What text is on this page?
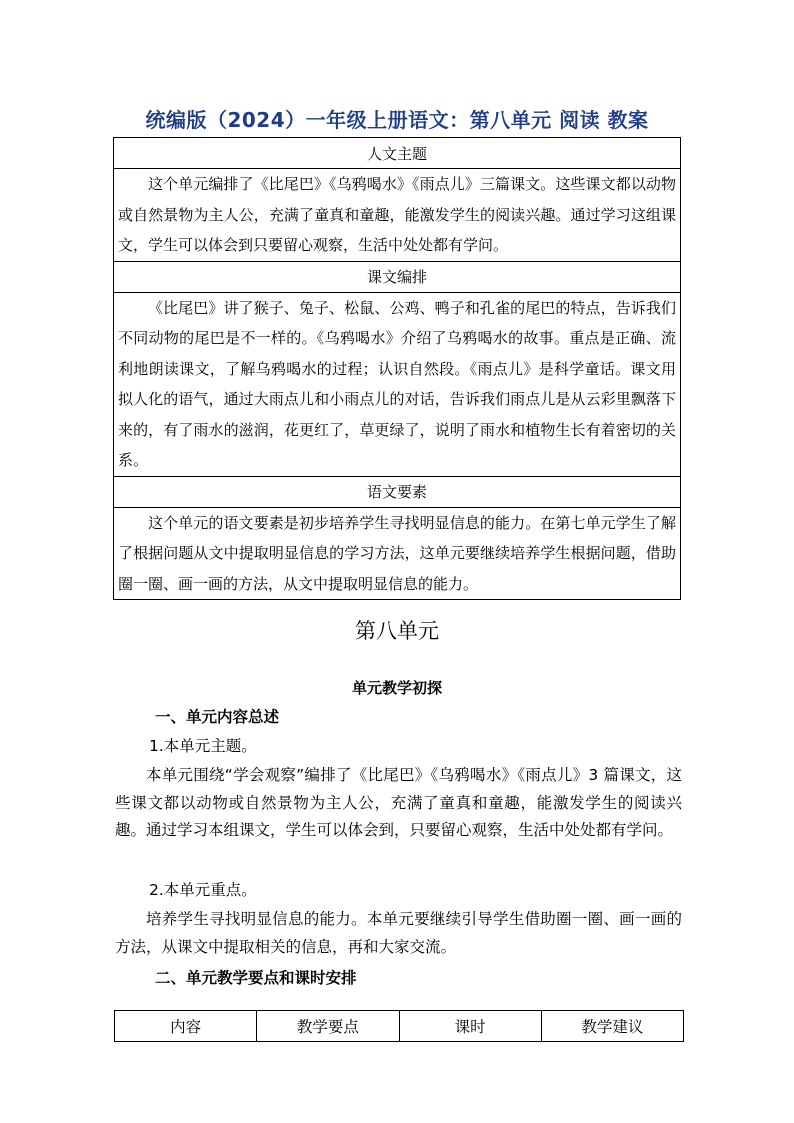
统编版（2024）一年级上册语文：第八单元 阅读 教案
人文主题

这个单元编排了《比尾巴》《乌鸦喝水》《雨点儿》三篇课文。这些课文都以动物或自然景物为主人公，充满了童真和童趣，能激发学生的阅读兴趣。通过学习这组课文，学生可以体会到只要留心观察，生活中处处都有学问。

课文编排

《比尾巴》讲了猴子、兔子、松鼠、公鸡、鸭子和孔雀的尾巴的特点，告诉我们不同动物的尾巴是不一样的。《乌鸦喝水》介绍了乌鸦喝水的故事。重点是正确、流利地朗读课文，了解乌鸦喝水的过程；认识自然段。《雨点儿》是科学童话。课文用拟人化的语气，通过大雨点儿和小雨点儿的对话，告诉我们雨点儿是从云彩里飘落下来的，有了雨水的滋润，花更红了，草更绿了，说明了雨水和植物生长有着密切的关系。

语文要素

这个单元的语文要素是初步培养学生寻找明显信息的能力。在第七单元学生了解了根据问题从文中提取明显信息的学习方法，这单元要继续培养学生根据问题，借助圈一圈、画一画的方法，从文中提取明显信息的能力。
第八单元
单元教学初探
一、单元内容总述
1.本单元主题。
本单元围绕“学会观察”编排了《比尾巴》《乌鸦喝水》《雨点儿》3 篇课文，这些课文都以动物或自然景物为主人公，充满了童真和童趣，能激发学生的阅读兴趣。通过学习本组课文，学生可以体会到，只要留心观察，生活中处处都有学问。
2.本单元重点。
培养学生寻找明显信息的能力。本单元要继续引导学生借助圈一圈、画一画的方法，从课文中提取相关的信息，再和大家交流。
二、单元教学要点和课时安排
内容	教学要点	课时	教学建议
